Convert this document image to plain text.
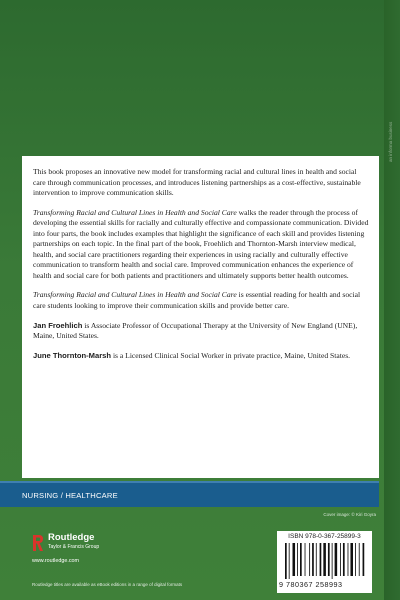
an informa business

This book proposes an innovative new model for transforming racial and cultural lines in health and social care through communication processes, and introduces listening partnerships as a cost-effective, sustainable intervention to improve communication skills.

Transforming Racial and Cultural Lines in Health and Social Care walks the reader through the process of developing the essential skills for racially and culturally effective and compassionate communication. Divided into four parts, the book includes examples that highlight the significance of each skill and provides listening partnerships on each topic. In the final part of the book, Froehlich and Thornton-Marsh interview medical, health, and social care practitioners regarding their experiences in using racially and culturally effective communication to transform health and social care. Improved communication enhances the experience of health and social care for both patients and practitioners and ultimately supports better health outcomes.

Transforming Racial and Cultural Lines in Health and Social Care is essential reading for health and social care students looking to improve their communication skills and provide better care.

Jan Froehlich is Associate Professor of Occupational Therapy at the University of New England (UNE), Maine, United States.

June Thornton-Marsh is a Licensed Clinical Social Worker in private practice, Maine, United States.

NURSING / HEALTHCARE
Cover image: © Kiri Goyra
Routledge
Taylor & Francis Group
www.routledge.com
Routledge titles are available as eBook editions in a range of digital formats
ISBN 978-0-367-25899-3
9 780367 258993
